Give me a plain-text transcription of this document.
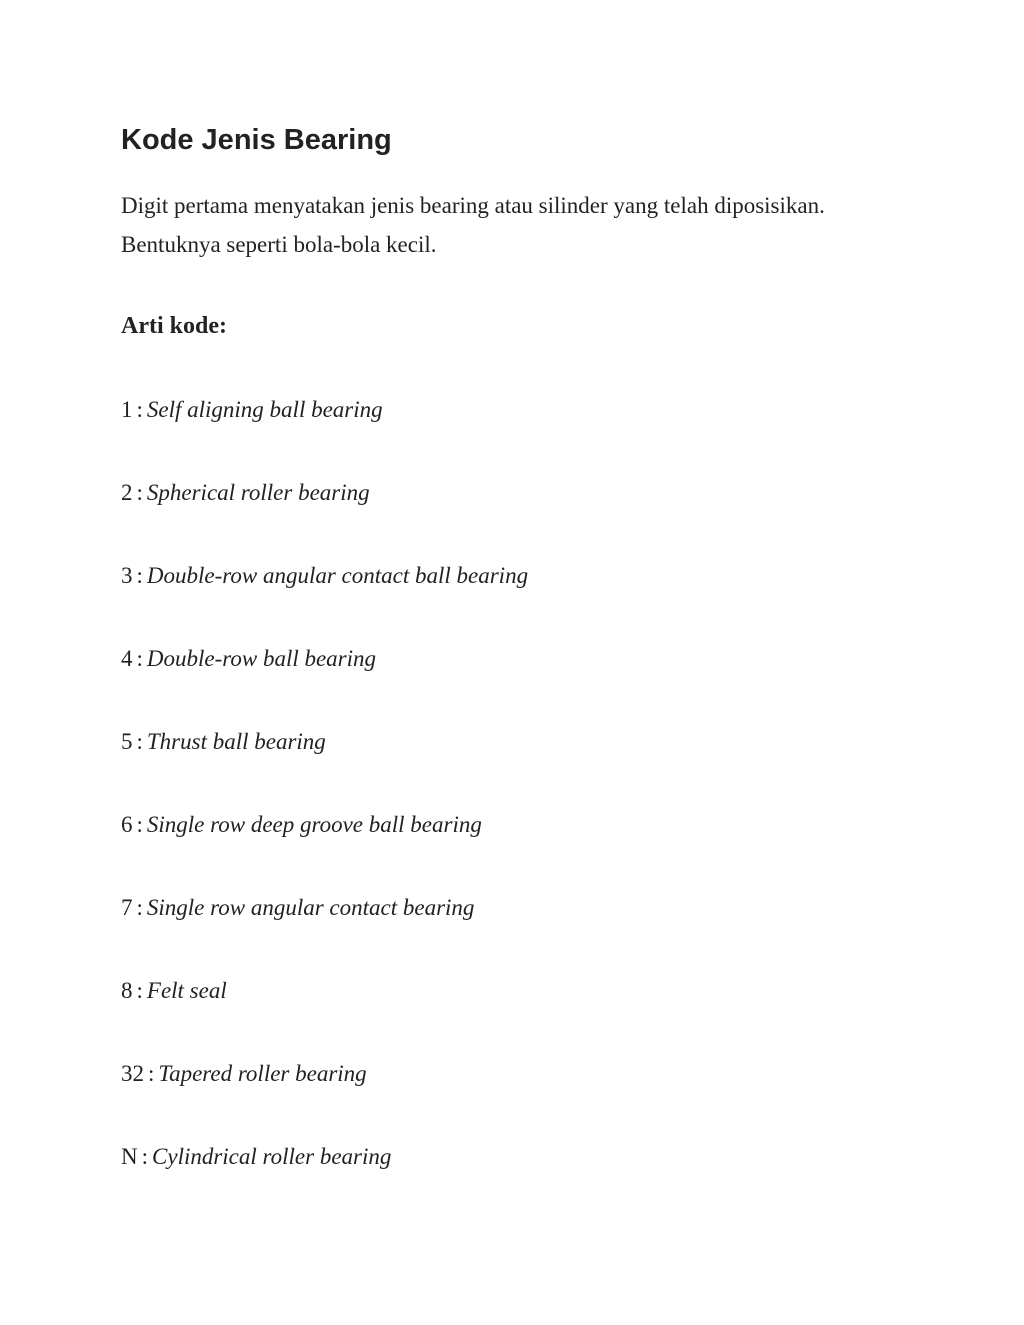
Kode Jenis Bearing

Digit pertama menyatakan jenis bearing atau silinder yang telah diposisikan. Bentuknya seperti bola-bola kecil.

Arti kode:
1 : Self aligning ball bearing
2 : Spherical roller bearing
3 : Double-row angular contact ball bearing
4 : Double-row ball bearing
5 : Thrust ball bearing
6 : Single row deep groove ball bearing
7 : Single row angular contact bearing
8 : Felt seal
32 : Tapered roller bearing
N : Cylindrical roller bearing
